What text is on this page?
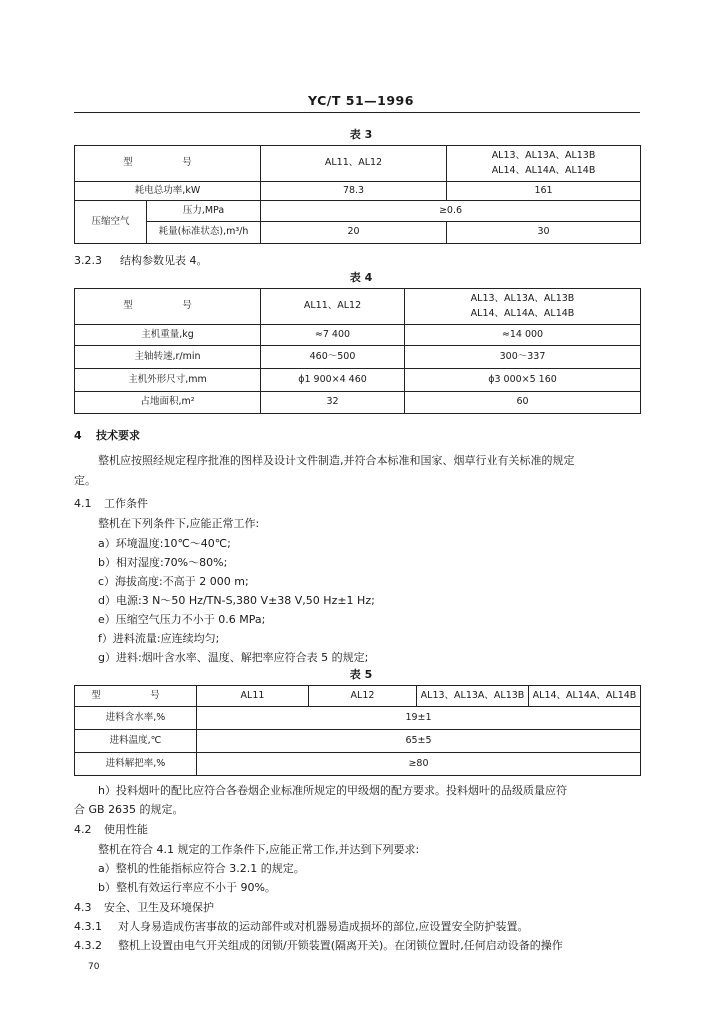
YC/T 51—1996
表 3
型　号		AL11、AL12	AL13、AL13A、AL13B
AL14、AL14A、AL14B

耗电总功率,kW		78.3	161
压缩空气	压力,MPa	≥0.6	
	耗量(标准状态),m³/h	20	30
3.2.3 结构参数见表 4。
表 4
型　号	AL11、AL12	AL13、AL13A、AL13B
AL14、AL14A、AL14B

主机重量,kg	≈7 400	≈14 000
主轴转速,r/min	460～500	300～337
主机外形尺寸,mm	ϕ1 900×4 460	ϕ3 000×5 160
占地面积,m²	32	60
4 技术要求
整机应按照经规定程序批准的图样及设计文件制造,并符合本标准和国家、烟草行业有关标准的规定
定。
4.1 工作条件
整机在下列条件下,应能正常工作:
a）环境温度:10℃～40℃;
b）相对湿度:70%～80%;
c）海拔高度:不高于 2 000 m;
d）电源:3 N～50 Hz/TN-S,380 V±38 V,50 Hz±1 Hz;
e）压缩空气压力不小于 0.6 MPa;
f）进料流量:应连续均匀;
g）进料:烟叶含水率、温度、解把率应符合表 5 的规定;
表 5
型　号	AL11	AL12	AL13、AL13A、AL13B	AL14、AL14A、AL14B
进料含水率,%	19±1			
进料温度,℃	65±5			
进料解把率,%	≥80			
h）投料烟叶的配比应符合各卷烟企业标准所规定的甲级烟的配方要求。投料烟叶的品级质量应符
合 GB 2635 的规定。
4.2 使用性能
整机在符合 4.1 规定的工作条件下,应能正常工作,并达到下列要求:
a）整机的性能指标应符合 3.2.1 的规定。
b）整机有效运行率应不小于 90%。
4.3 安全、卫生及环境保护
4.3.1 对人身易造成伤害事故的运动部件或对机器易造成损坏的部位,应设置安全防护装置。
4.3.2 整机上设置由电气开关组成的闭锁/开锁装置(隔离开关)。在闭锁位置时,任何启动设备的操作
70
